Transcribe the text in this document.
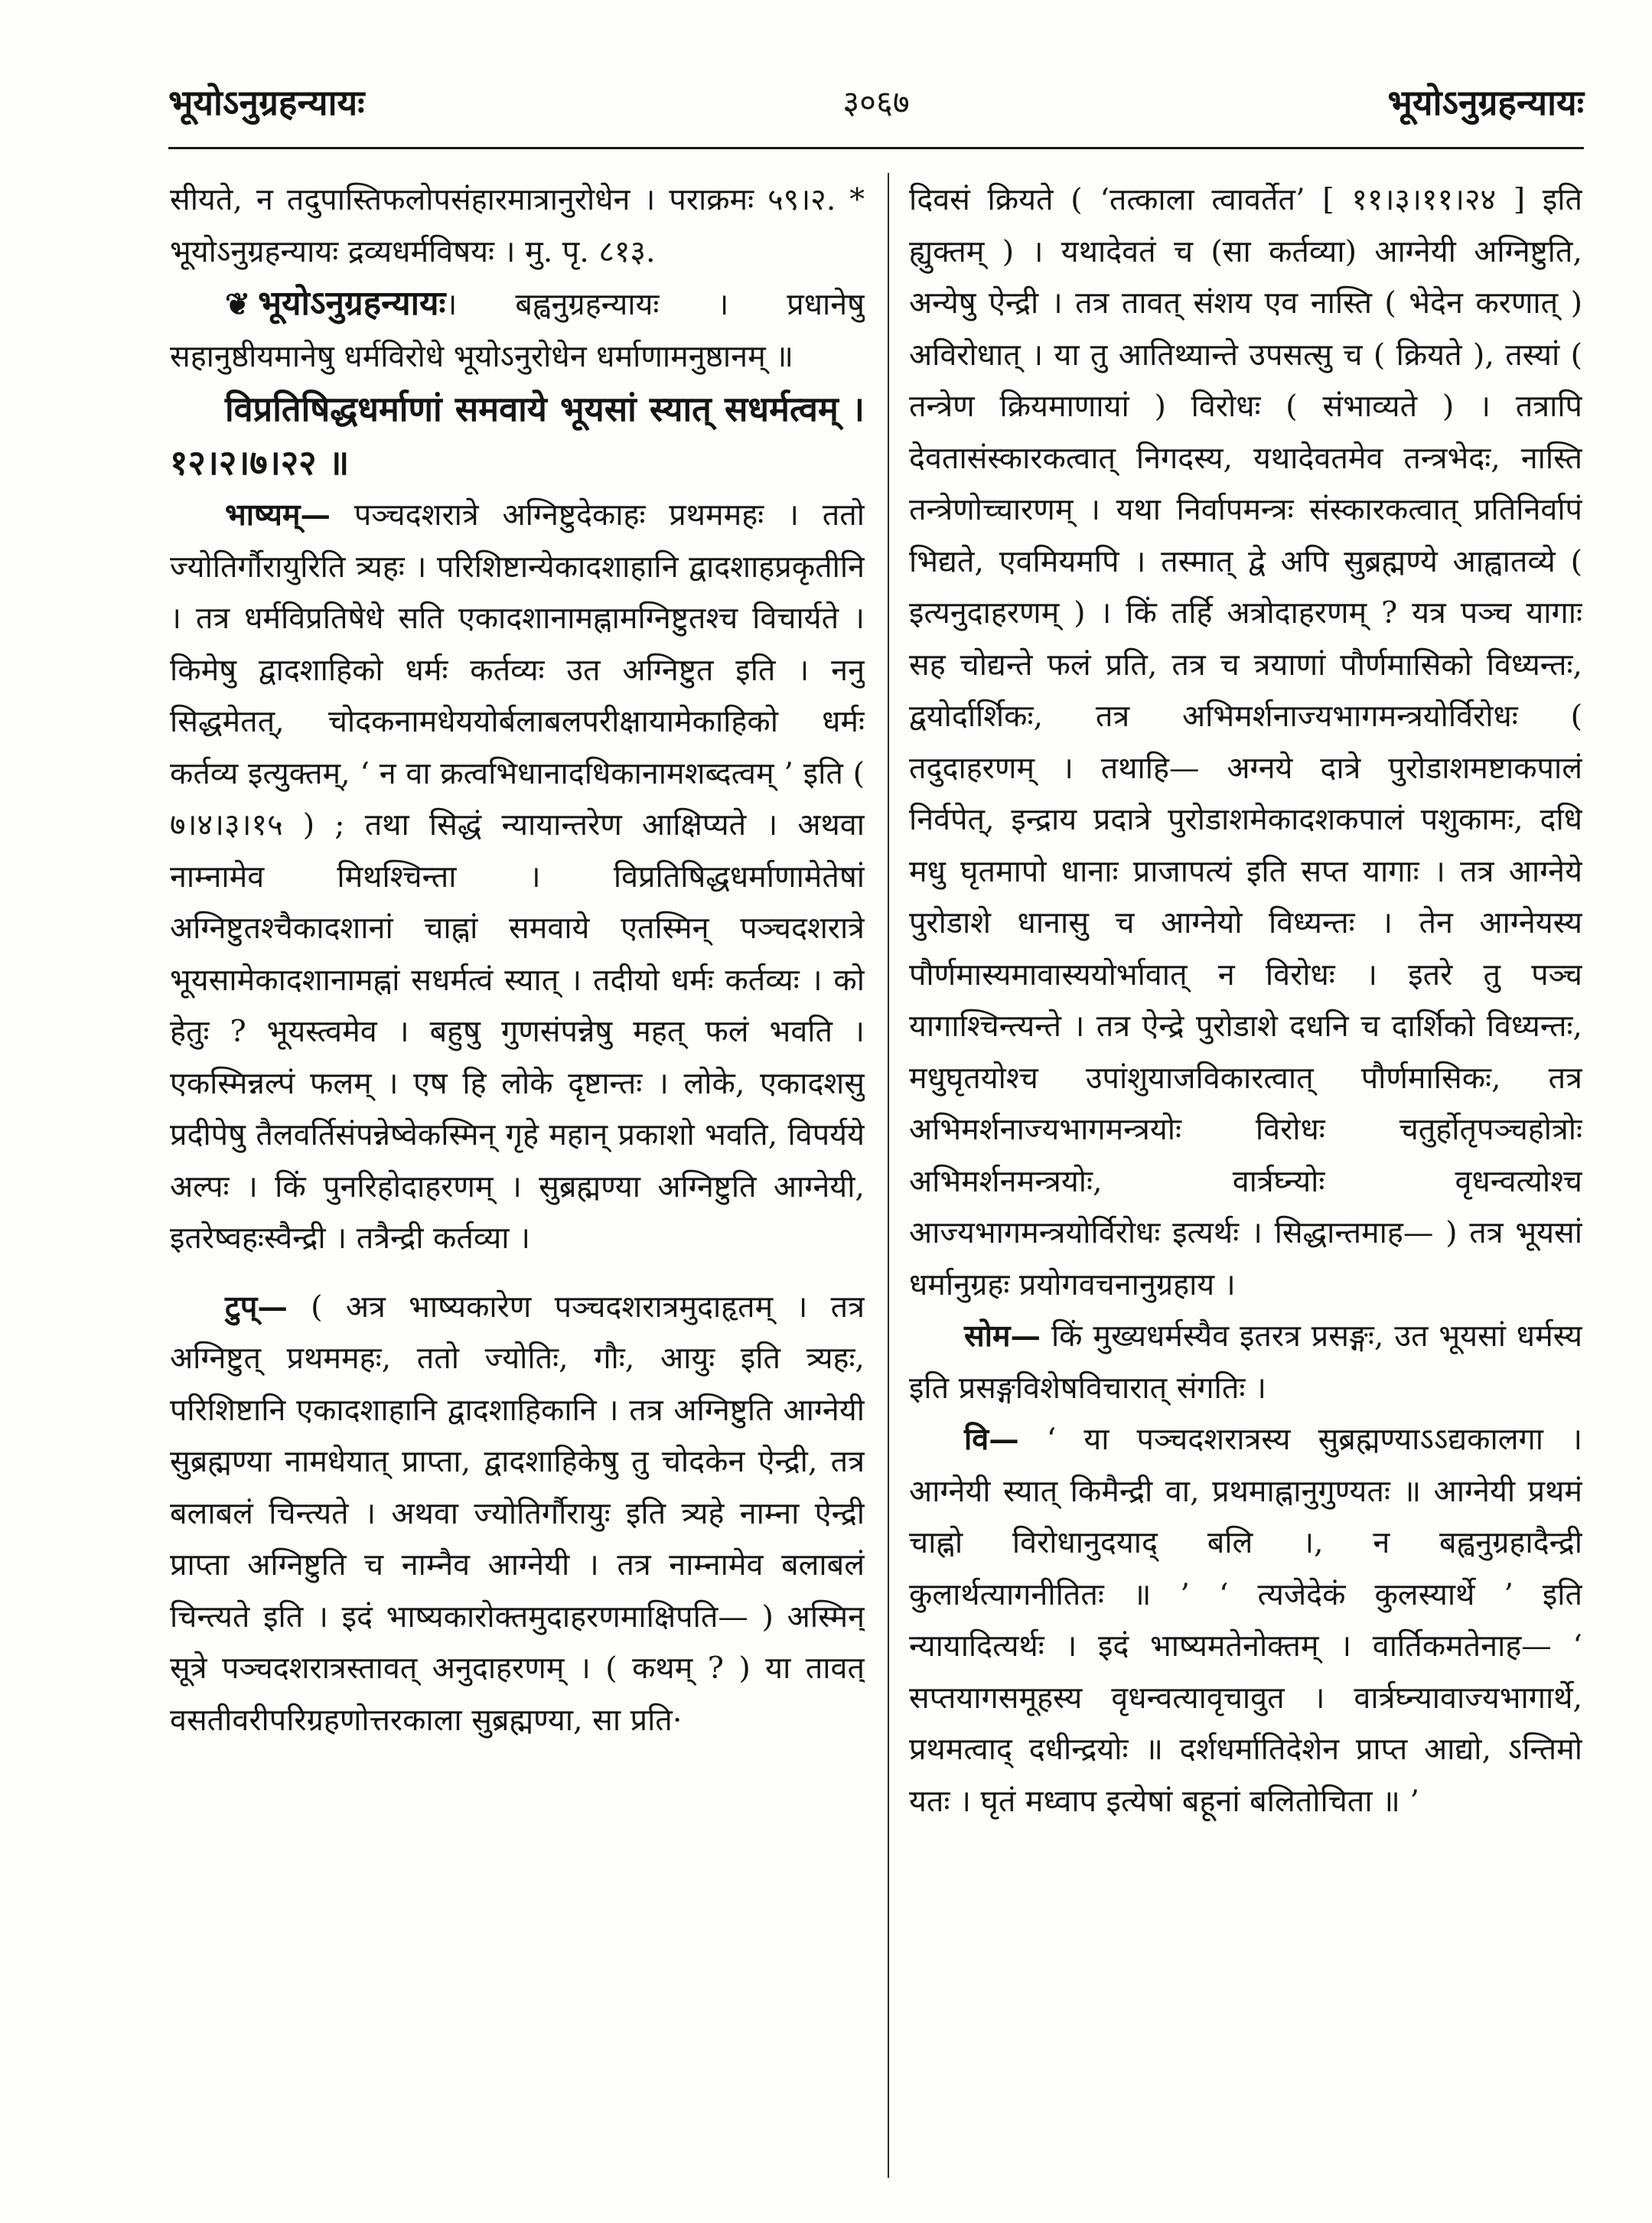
भूयोऽनुग्रहन्यायः	३०६७	भूयोऽनुग्रहन्यायः

सीयते, न तदुपास्तिफलोपसंहारमात्रानुरोधेन । पराक्रमः ५९।२. * भूयोऽनुग्रहन्यायः द्रव्यधर्मविषयः । मु. पृ. ८१३.

❦ भूयोऽनुग्रहन्यायः। बह्वनुग्रहन्यायः । प्रधानेषु सहानुष्ठीयमानेषु धर्मविरोधे भूयोऽनुरोधेन धर्माणामनुष्ठानम् ॥

विप्रतिषिद्धधर्माणां समवाये भूयसां स्यात् सधर्मत्वम् । १२।२।७।२२ ॥

भाष्यम्— पञ्चदशरात्रे अग्निष्टुदेकाहः प्रथममहः । ततो ज्योतिर्गौरायुरिति त्र्यहः । परिशिष्टान्येकादशाहानि द्वादशाहप्रकृतीनि । तत्र धर्मविप्रतिषेधे सति एकादशानामह्नामग्निष्टुतश्च विचार्यते । किमेषु द्वादशाहिको धर्मः कर्तव्यः उत अग्निष्टुत इति । ननु सिद्धमेतत्, चोदकनामधेययोर्बलाबलपरीक्षायामेकाहिको धर्मः कर्तव्य इत्युक्तम्, ‘ न वा क्रत्वभिधानादधिकानामशब्दत्वम् ’ इति ( ७।४।३।१५ ) ; तथा सिद्धं न्यायान्तरेण आक्षिप्यते । अथवा नाम्नामेव मिथश्चिन्ता । विप्रतिषिद्धधर्माणामेतेषां अग्निष्टुतश्चैकादशानां चाह्नां समवाये एतस्मिन् पञ्चदशरात्रे भूयसामेकादशानामह्नां सधर्मत्वं स्यात् । तदीयो धर्मः कर्तव्यः । को हेतुः ? भूयस्त्वमेव । बहुषु गुणसंपन्नेषु महत् फलं भवति । एकस्मिन्नल्पं फलम् । एष हि लोके दृष्टान्तः । लोके, एकादशसु प्रदीपेषु तैलवर्तिसंपन्नेष्वेकस्मिन् गृहे महान् प्रकाशो भवति, विपर्यये अल्पः । किं पुनरिहोदाहरणम् । सुब्रह्मण्या अग्निष्टुति आग्नेयी, इतरेष्वहःस्वैन्द्री । तत्रैन्द्री कर्तव्या ।

टुप्— ( अत्र भाष्यकारेण पञ्चदशरात्रमुदाहृतम् । तत्र अग्निष्टुत् प्रथममहः, ततो ज्योतिः, गौः, आयुः इति त्र्यहः, परिशिष्टानि एकादशाहानि द्वादशाहिकानि । तत्र अग्निष्टुति आग्नेयी सुब्रह्मण्या नामधेयात् प्राप्ता, द्वादशाहिकेषु तु चोदकेन ऐन्द्री, तत्र बलाबलं चिन्त्यते । अथवा ज्योतिर्गौरायुः इति त्र्यहे नाम्ना ऐन्द्री प्राप्ता अग्निष्टुति च नाम्नैव आग्नेयी । तत्र नाम्नामेव बलाबलं चिन्त्यते इति । इदं भाष्यकारोक्तमुदाहरणमाक्षिपति— ) अस्मिन् सूत्रे पञ्चदशरात्रस्तावत् अनुदाहरणम् । ( कथम् ? ) या तावत् वसतीवरीपरिग्रहणोत्तरकाला सुब्रह्मण्या, सा प्रति·

दिवसं क्रियते ( ‘तत्काला त्वावर्तेत’ [ ११।३।११।२४ ] इति ह्युक्तम् ) । यथादेवतं च (सा कर्तव्या) आग्नेयी अग्निष्टुति, अन्येषु ऐन्द्री । तत्र तावत् संशय एव नास्ति ( भेदेन करणात् ) अविरोधात् । या तु आतिथ्यान्ते उपसत्सु च ( क्रियते ), तस्यां ( तन्त्रेण क्रियमाणायां ) विरोधः ( संभाव्यते ) । तत्रापि देवतासंस्कारकत्वात् निगदस्य, यथादेवतमेव तन्त्रभेदः, नास्ति तन्त्रेणोच्चारणम् । यथा निर्वापमन्त्रः संस्कारकत्वात् प्रतिनिर्वापं भिद्यते, एवमियमपि । तस्मात् द्वे अपि सुब्रह्मण्ये आह्वातव्ये ( इत्यनुदाहरणम् ) । किं तर्हि अत्रोदाहरणम् ? यत्र पञ्च यागाः सह चोद्यन्ते फलं प्रति, तत्र च त्रयाणां पौर्णमासिको विध्यन्तः, द्वयोर्दार्शिकः, तत्र अभिमर्शनाज्यभागमन्त्रयोर्विरोधः ( तदुदाहरणम् । तथाहि— अग्नये दात्रे पुरोडाशमष्टाकपालं निर्वपेत्, इन्द्राय प्रदात्रे पुरोडाशमेकादशकपालं पशुकामः, दधि मधु घृतमापो धानाः प्राजापत्यं इति सप्त यागाः । तत्र आग्नेये पुरोडाशे धानासु च आग्नेयो विध्यन्तः । तेन आग्नेयस्य पौर्णमास्यमावास्ययोर्भावात् न विरोधः । इतरे तु पञ्च यागाश्चिन्त्यन्ते । तत्र ऐन्द्रे पुरोडाशे दधनि च दार्शिको विध्यन्तः, मधुघृतयोश्च उपांशुयाजविकारत्वात् पौर्णमासिकः, तत्र अभिमर्शनाज्यभागमन्त्रयोः विरोधः चतुर्होतृपञ्चहोत्रोः अभिमर्शनमन्त्रयोः, वार्त्रघ्न्योः वृधन्वत्योश्च आज्यभागमन्त्रयोर्विरोधः इत्यर्थः । सिद्धान्तमाह— ) तत्र भूयसां धर्मानुग्रहः प्रयोगवचनानुग्रहाय ।

सोम— किं मुख्यधर्मस्यैव इतरत्र प्रसङ्गः, उत भूयसां धर्मस्य इति प्रसङ्गविशेषविचारात् संगतिः ।

वि— ‘ या पञ्चदशरात्रस्य सुब्रह्मण्याऽऽद्यकालगा । आग्नेयी स्यात् किमैन्द्री वा, प्रथमाह्नानुगुण्यतः ॥ आग्नेयी प्रथमं चाह्नो विरोधानुदयाद् बलि ।, न बह्वनुग्रहादैन्द्री कुलार्थत्यागनीतितः ॥ ’ ‘ त्यजेदेकं कुलस्यार्थे ’ इति न्यायादित्यर्थः । इदं भाष्यमतेनोक्तम् । वार्तिकमतेनाह— ‘ सप्तयागसमूहस्य वृधन्वत्यावृचावुत । वार्त्रघ्न्यावाज्यभागार्थे, प्रथमत्वाद् दधीन्द्रयोः ॥ दर्शधर्मातिदेशेन प्राप्त आद्यो, ऽन्तिमो यतः । घृतं मध्वाप इत्येषां बहूनां बलितोचिता ॥ ’
